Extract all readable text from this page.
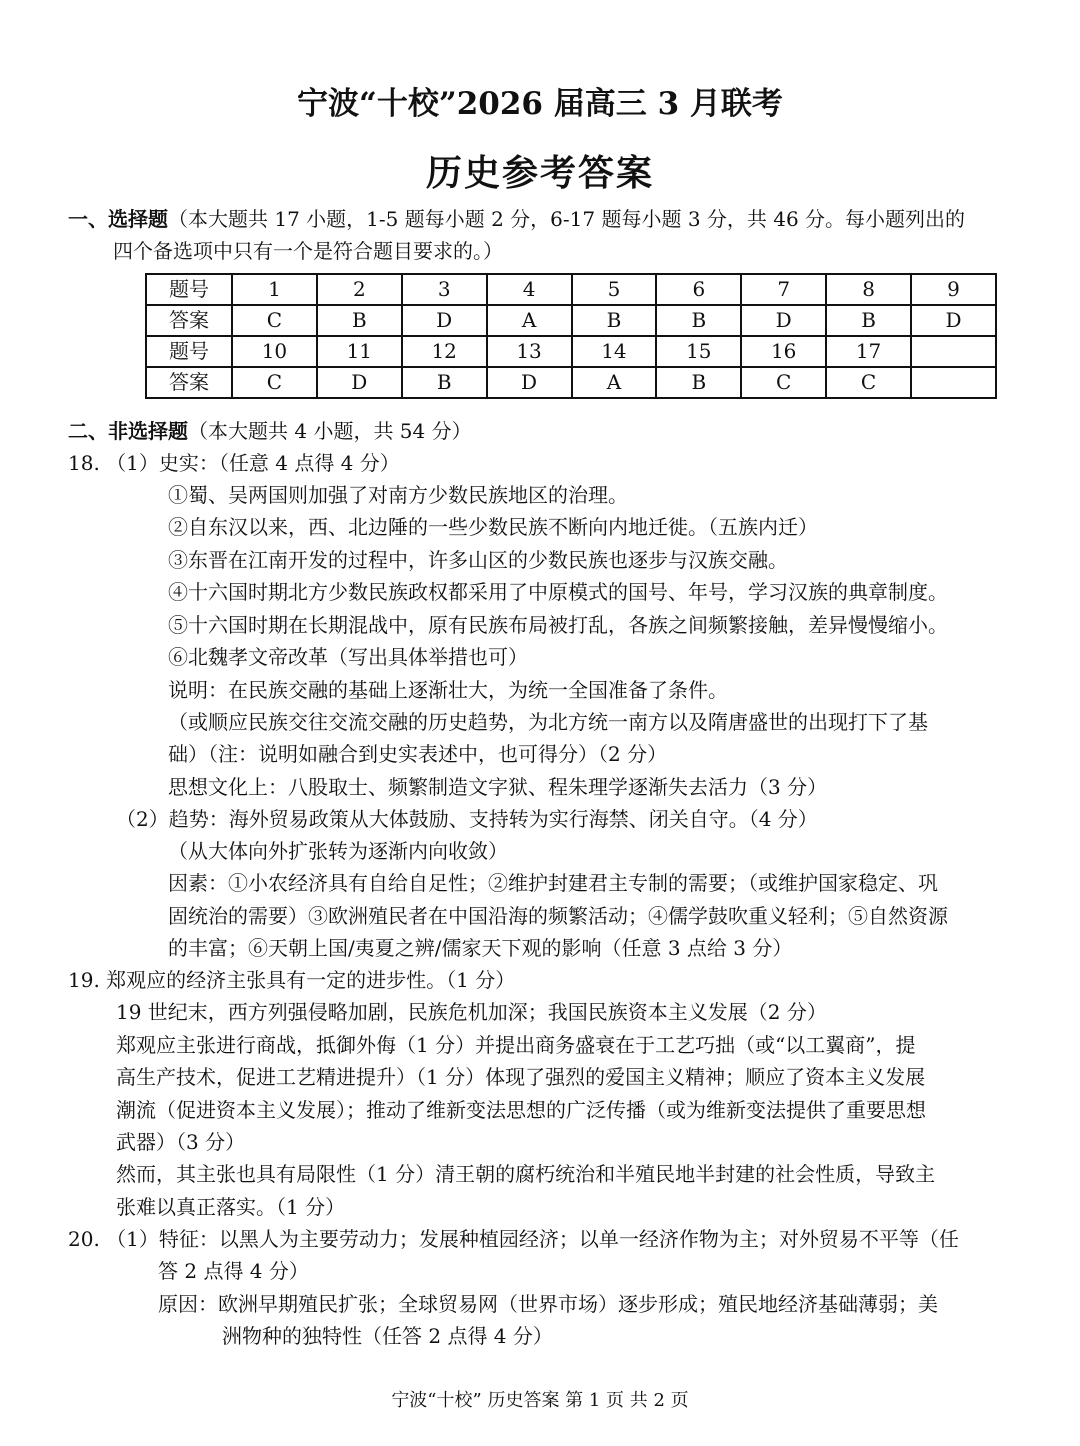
宁波“十校”2026 届高三 3 月联考
历史参考答案
一、选择题（本大题共 17 小题，1-5 题每小题 2 分，6-17 题每小题 3 分，共 46 分。每小题列出的
四个备选项中只有一个是符合题目要求的。）
题号	1	2	3	4	5	6	7	8	9
答案	C	B	D	A	B	B	D	B	D
题号	10	11	12	13	14	15	16	17	
答案	C	D	B	D	A	B	C	C	
二、非选择题（本大题共 4 小题，共 54 分）
18. （1）史实：（任意 4 点得 4 分）
①蜀、吴两国则加强了对南方少数民族地区的治理。
②自东汉以来，西、北边陲的一些少数民族不断向内地迁徙。（五族内迁）
③东晋在江南开发的过程中，许多山区的少数民族也逐步与汉族交融。
④十六国时期北方少数民族政权都采用了中原模式的国号、年号，学习汉族的典章制度。
⑤十六国时期在长期混战中，原有民族布局被打乱，各族之间频繁接触，差异慢慢缩小。
⑥北魏孝文帝改革（写出具体举措也可）
说明：在民族交融的基础上逐渐壮大，为统一全国准备了条件。
（或顺应民族交往交流交融的历史趋势，为北方统一南方以及隋唐盛世的出现打下了基
础）（注：说明如融合到史实表述中，也可得分）（2 分）
思想文化上：八股取士、频繁制造文字狱、程朱理学逐渐失去活力（3 分）
（2）趋势：海外贸易政策从大体鼓励、支持转为实行海禁、闭关自守。（4 分）
（从大体向外扩张转为逐渐内向收敛）
因素：①小农经济具有自给自足性；②维护封建君主专制的需要；（或维护国家稳定、巩
固统治的需要）③欧洲殖民者在中国沿海的频繁活动；④儒学鼓吹重义轻利；⑤自然资源
的丰富；⑥天朝上国/夷夏之辨/儒家天下观的影响（任意 3 点给 3 分）
19. 郑观应的经济主张具有一定的进步性。（1 分）
19 世纪末，西方列强侵略加剧，民族危机加深；我国民族资本主义发展（2 分）
郑观应主张进行商战，抵御外侮（1 分）并提出商务盛衰在于工艺巧拙（或“以工翼商”，提
高生产技术，促进工艺精进提升）（1 分）体现了强烈的爱国主义精神；顺应了资本主义发展
潮流（促进资本主义发展）；推动了维新变法思想的广泛传播（或为维新变法提供了重要思想
武器）（3 分）
然而，其主张也具有局限性（1 分）清王朝的腐朽统治和半殖民地半封建的社会性质，导致主
张难以真正落实。（1 分）
20. （1）特征：以黑人为主要劳动力；发展种植园经济；以单一经济作物为主；对外贸易不平等（任
答 2 点得 4 分）
原因：欧洲早期殖民扩张；全球贸易网（世界市场）逐步形成；殖民地经济基础薄弱；美
洲物种的独特性（任答 2 点得 4 分）
宁波“十校” 历史答案 第 1 页 共 2 页
